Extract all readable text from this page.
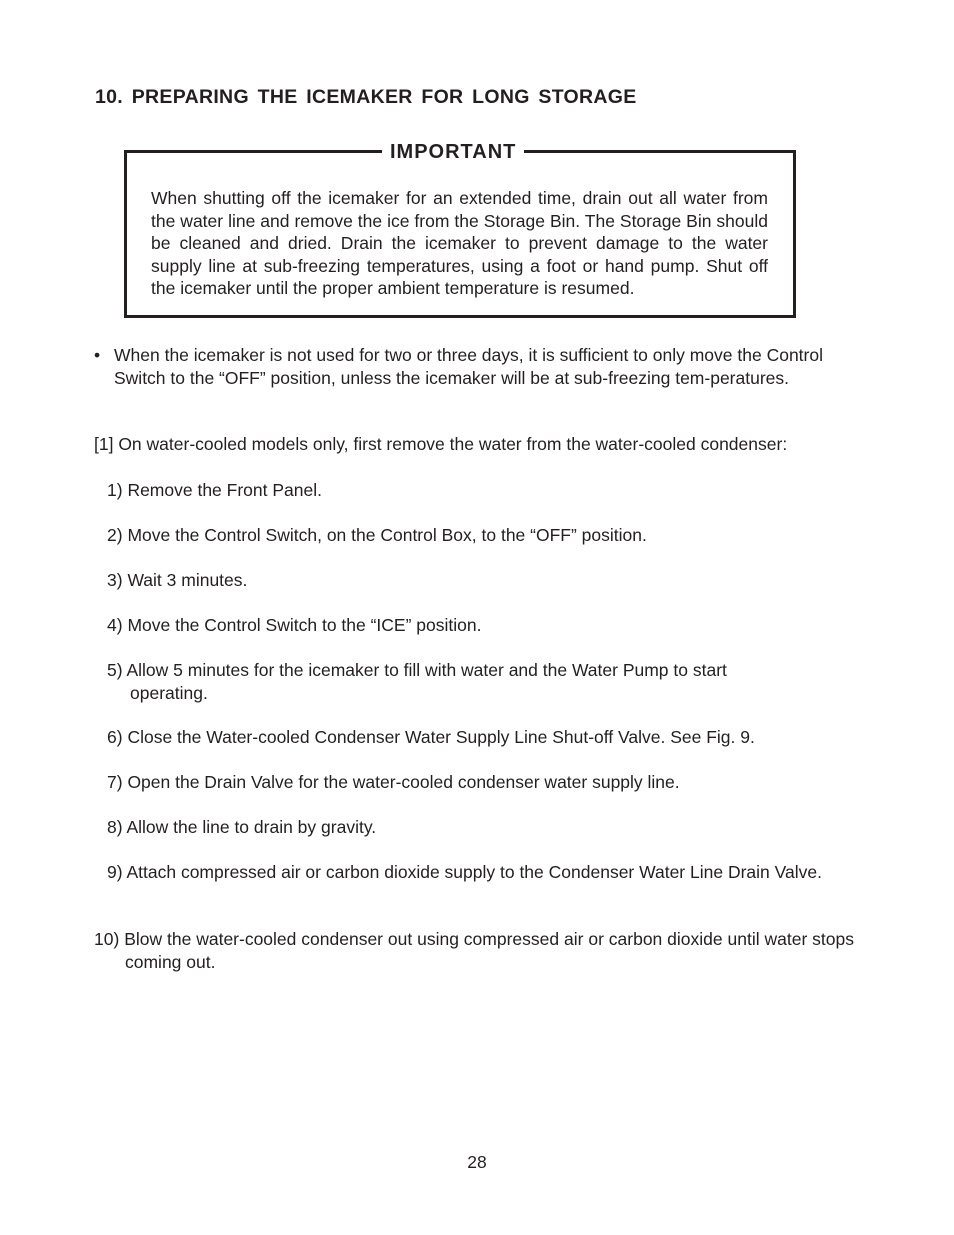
10. PREPARING THE ICEMAKER FOR LONG STORAGE
IMPORTANT

When shutting off the icemaker for an extended time, drain out all water from the water line and remove the ice from the Storage Bin. The Storage Bin should be cleaned and dried. Drain the icemaker to prevent damage to the water supply line at sub-freezing temperatures, using a foot or hand pump. Shut off the icemaker until the proper ambient temperature is resumed.

• When the icemaker is not used for two or three days, it is sufficient to only move the Control Switch to the “OFF” position, unless the icemaker will be at sub-freezing tem-peratures.

[1] On water-cooled models only, first remove the water from the water-cooled condenser:

1) Remove the Front Panel.
2) Move the Control Switch, on the Control Box, to the “OFF” position.
3) Wait 3 minutes.
4) Move the Control Switch to the “ICE” position.
5) Allow 5 minutes for the icemaker to fill with water and the Water Pump to start operating.
6) Close the Water-cooled Condenser Water Supply Line Shut-off Valve. See Fig. 9.
7) Open the Drain Valve for the water-cooled condenser water supply line.
8) Allow the line to drain by gravity.
9) Attach compressed air or carbon dioxide supply to the Condenser Water Line Drain Valve.
10) Blow the water-cooled condenser out using compressed air or carbon dioxide until water stops coming out.
28
